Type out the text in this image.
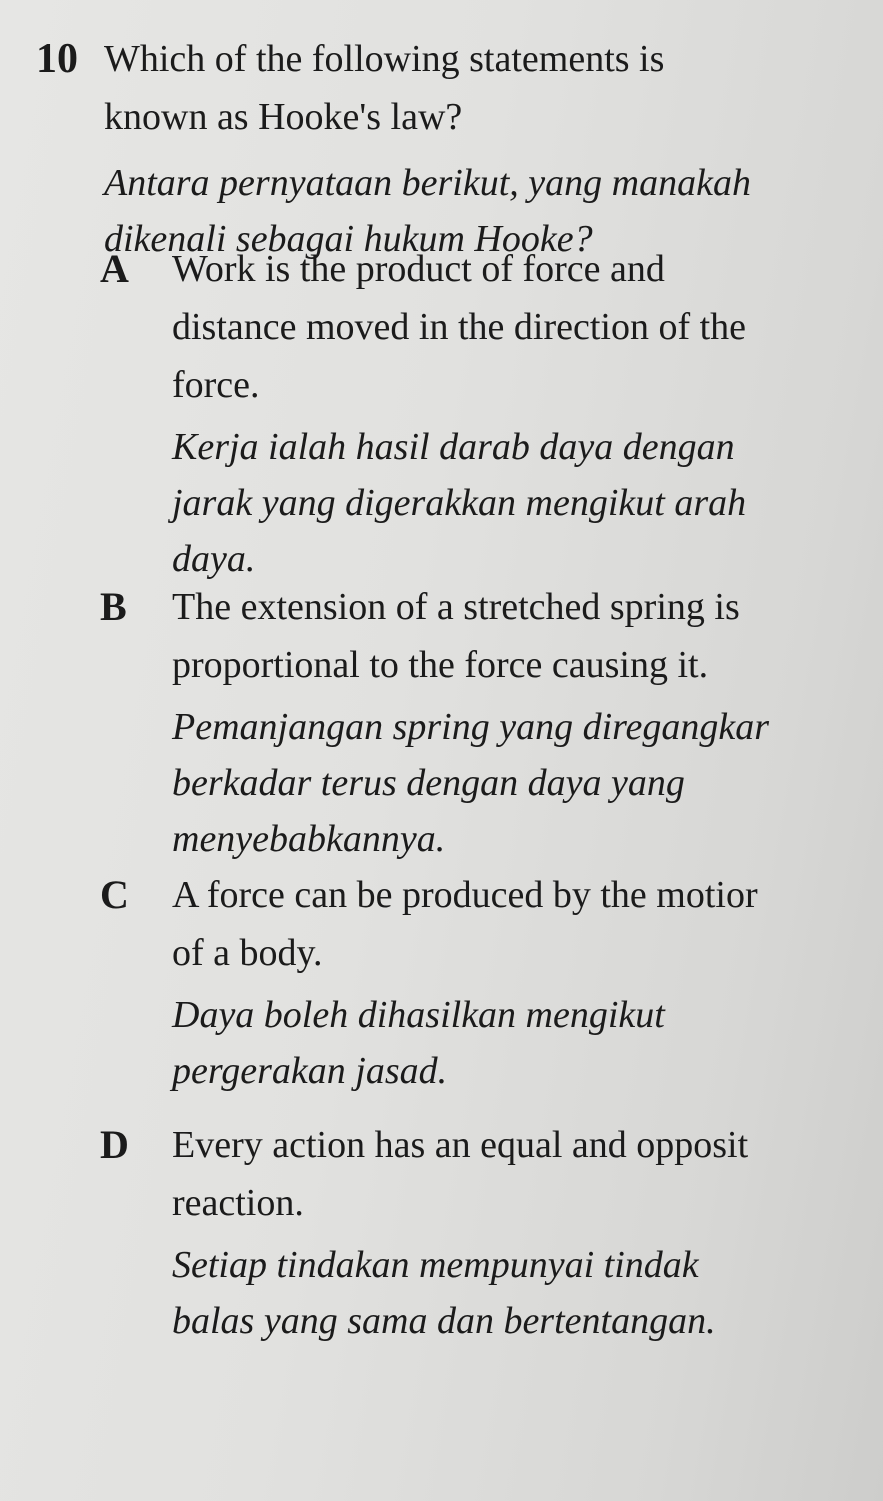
10 Which of the following statements is
known as Hooke's law?
Antara pernyataan berikut, yang manakah
dikenali sebagai hukum Hooke?
A	Work is the product of force and
distance moved in the direction of the
force.
Kerja ialah hasil darab daya dengan
jarak yang digerakkan mengikut arah
daya.
B	The extension of a stretched spring is
proportional to the force causing it.
Pemanjangan spring yang diregangkar
berkadar terus dengan daya yang
menyebabkannya.
C	A force can be produced by the motior
of a body.
Daya boleh dihasilkan mengikut
pergerakan jasad.
D	Every action has an equal and opposit
reaction.
Setiap tindakan mempunyai tindak
balas yang sama dan bertentangan.
